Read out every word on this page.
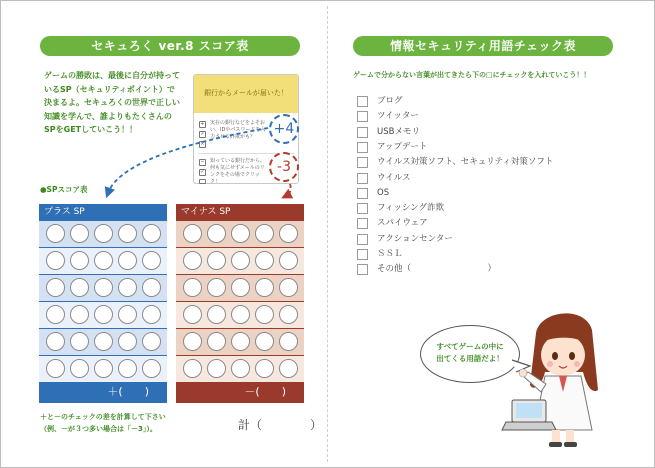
セキュろく ver.8 スコア表
ゲームの勝敗は、最後に自分が持っているSP（セキュリティポイント）で決まるよ。セキュろくの世界で正しい知識を学んで、誰よりもたくさんのSPをGETしていこう！！
銀行からメールが届いた！
+
✓
×
実在の銀行などをよそおい、IDやパスワードを入力させる詐欺かも？
−
✓
知っている銀行だから、何も気にせずメールのリンクをその場でクリック！
+4
-3
●SPスコア表
プラス SP
＋(　　)
マイナス SP
－(　　)
＋と－のチェックの差を計算して下さい
（例、－が３つ多い場合は「－3」）。	計（　　　　）
情報セキュリティ用語チェック表
ゲームで分からない言葉が出てきたら下の□にチェックを入れていこう！！
ブログ
ツイッター
USBメモリ
アップデート
ウイルス対策ソフト、セキュリティ対策ソフト
ウイルス
OS
フィッシング詐欺
スパイウェア
アクションセンター
ＳＳＬ
その他（　　　　　　　　　）
すべてゲームの中に
出てくる用語だよ！
